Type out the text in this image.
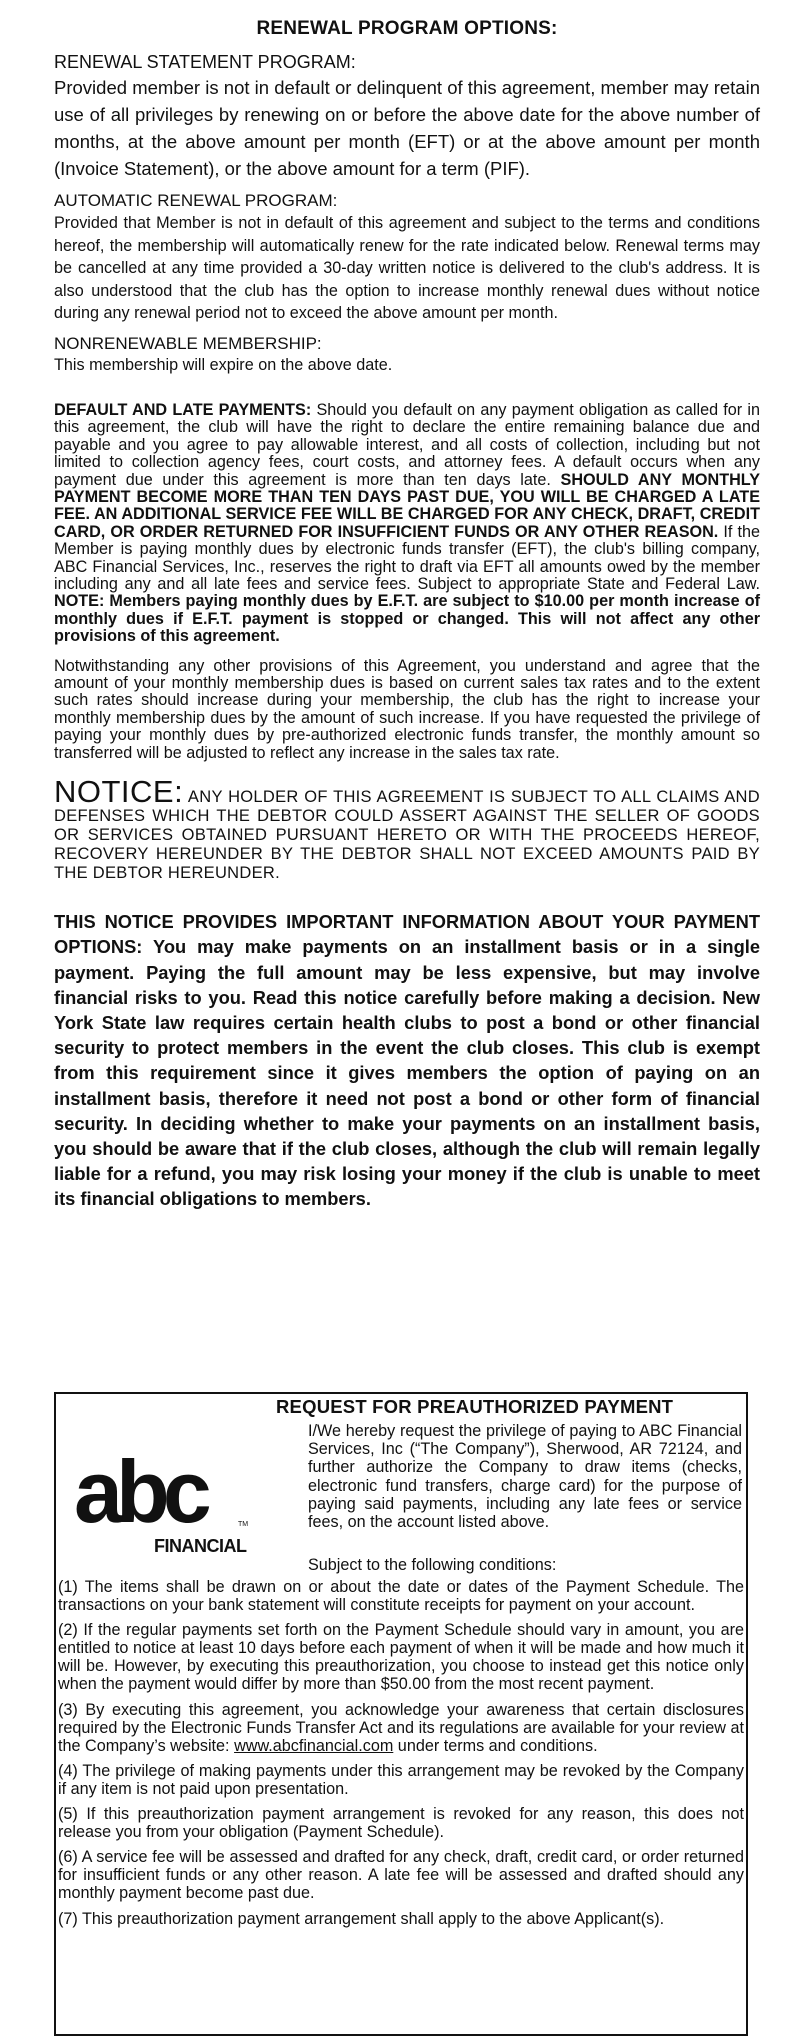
RENEWAL PROGRAM OPTIONS:

RENEWAL STATEMENT PROGRAM:

Provided member is not in default or delinquent of this agreement, member may retain use of all privileges by renewing on or before the above date for the above number of months, at the above amount per month (EFT) or at the above amount per month (Invoice Statement), or the above amount for a term (PIF).

AUTOMATIC RENEWAL PROGRAM:

Provided that Member is not in default of this agreement and subject to the terms and conditions hereof, the membership will automatically renew for the rate indicated below. Renewal terms may be cancelled at any time provided a 30-day written notice is delivered to the club's address. It is also understood that the club has the option to increase monthly renewal dues without notice during any renewal period not to exceed the above amount per month.

NONRENEWABLE MEMBERSHIP:

This membership will expire on the above date.

DEFAULT AND LATE PAYMENTS: Should you default on any payment obligation as called for in this agreement, the club will have the right to declare the entire remaining balance due and payable and you agree to pay allowable interest, and all costs of collection, including but not limited to collection agency fees, court costs, and attorney fees. A default occurs when any payment due under this agreement is more than ten days late. SHOULD ANY MONTHLY PAYMENT BECOME MORE THAN TEN DAYS PAST DUE, YOU WILL BE CHARGED A LATE FEE. AN ADDITIONAL SERVICE FEE WILL BE CHARGED FOR ANY CHECK, DRAFT, CREDIT CARD, OR ORDER RETURNED FOR INSUFFICIENT FUNDS OR ANY OTHER REASON. If the Member is paying monthly dues by electronic funds transfer (EFT), the club's billing company, ABC Financial Services, Inc., reserves the right to draft via EFT all amounts owed by the member including any and all late fees and service fees. Subject to appropriate State and Federal Law. NOTE: Members paying monthly dues by E.F.T. are subject to $10.00 per month increase of monthly dues if E.F.T. payment is stopped or changed. This will not affect any other provisions of this agreement.

Notwithstanding any other provisions of this Agreement, you understand and agree that the amount of your monthly membership dues is based on current sales tax rates and to the extent such rates should increase during your membership, the club has the right to increase your monthly membership dues by the amount of such increase. If you have requested the privilege of paying your monthly dues by pre-authorized electronic funds transfer, the monthly amount so transferred will be adjusted to reflect any increase in the sales tax rate.

NOTICE: ANY HOLDER OF THIS AGREEMENT IS SUBJECT TO ALL CLAIMS AND DEFENSES WHICH THE DEBTOR COULD ASSERT AGAINST THE SELLER OF GOODS OR SERVICES OBTAINED PURSUANT HERETO OR WITH THE PROCEEDS HEREOF, RECOVERY HEREUNDER BY THE DEBTOR SHALL NOT EXCEED AMOUNTS PAID BY THE DEBTOR HEREUNDER.

THIS NOTICE PROVIDES IMPORTANT INFORMATION ABOUT YOUR PAYMENT OPTIONS: You may make payments on an installment basis or in a single payment. Paying the full amount may be less expensive, but may involve financial risks to you. Read this notice carefully before making a decision. New York State law requires certain health clubs to post a bond or other financial security to protect members in the event the club closes. This club is exempt from this requirement since it gives members the option of paying on an installment basis, therefore it need not post a bond or other form of financial security. In deciding whether to make your payments on an installment basis, you should be aware that if the club closes, although the club will remain legally liable for a refund, you may risk losing your money if the club is unable to meet its financial obligations to members.

REQUEST FOR PREAUTHORIZED PAYMENT
abc	TM
FINANCIAL

I/We hereby request the privilege of paying to ABC Financial Services, Inc (“The Company”), Sherwood, AR 72124, and further authorize the Company to draw items (checks, electronic fund transfers, charge card) for the purpose of paying said payments, including any late fees or service fees, on the account listed above.

Subject to the following conditions:

(1) The items shall be drawn on or about the date or dates of the Payment Schedule. The transactions on your bank statement will constitute receipts for payment on your account.

(2) If the regular payments set forth on the Payment Schedule should vary in amount, you are entitled to notice at least 10 days before each payment of when it will be made and how much it will be. However, by executing this preauthorization, you choose to instead get this notice only when the payment would differ by more than $50.00 from the most recent payment.

(3) By executing this agreement, you acknowledge your awareness that certain disclosures required by the Electronic Funds Transfer Act and its regulations are available for your review at the Company’s website: www.abcfinancial.com under terms and conditions.

(4) The privilege of making payments under this arrangement may be revoked by the Company if any item is not paid upon presentation.

(5) If this preauthorization payment arrangement is revoked for any reason, this does not release you from your obligation (Payment Schedule).

(6) A service fee will be assessed and drafted for any check, draft, credit card, or order returned for insufficient funds or any other reason. A late fee will be assessed and drafted should any monthly payment become past due.

(7) This preauthorization payment arrangement shall apply to the above Applicant(s).
